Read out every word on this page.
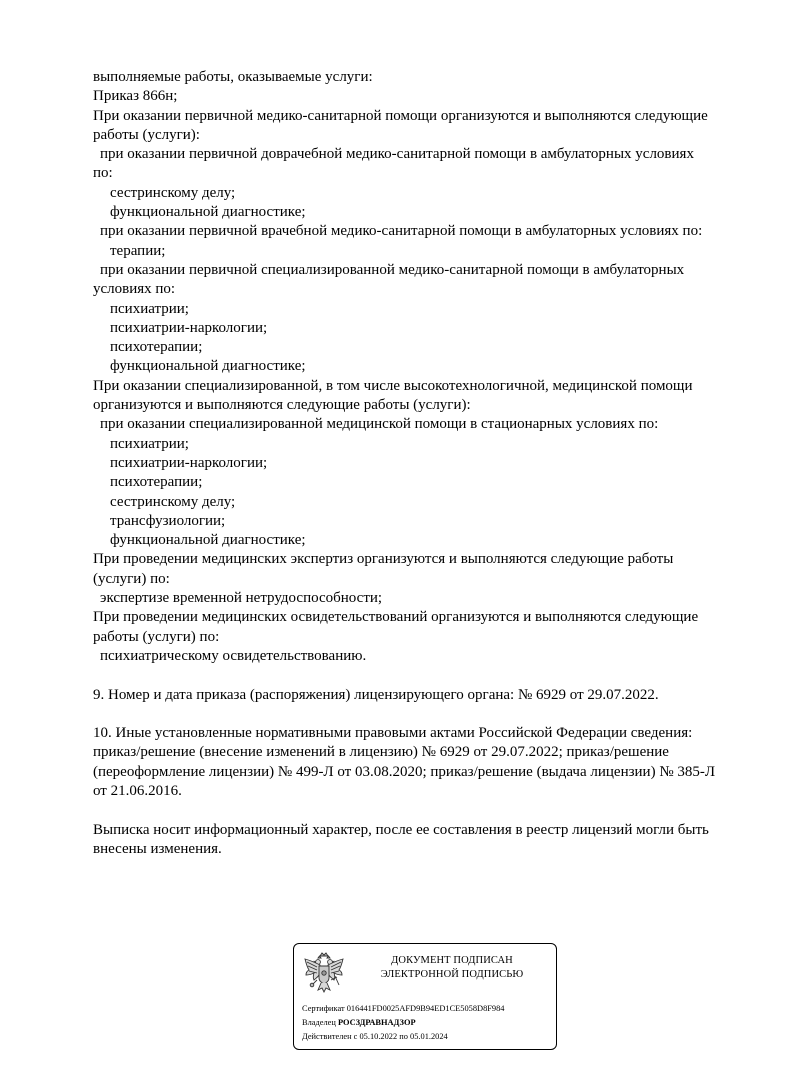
выполняемые работы, оказываемые услуги:
Приказ 866н;
При оказании первичной медико-санитарной помощи организуются и выполняются следующие
работы (услуги):
при оказании первичной доврачебной медико-санитарной помощи в амбулаторных условиях
по:
сестринскому делу;
функциональной диагностике;
при оказании первичной врачебной медико-санитарной помощи в амбулаторных условиях по:
терапии;
при оказании первичной специализированной медико-санитарной помощи в амбулаторных
условиях по:
психиатрии;
психиатрии-наркологии;
психотерапии;
функциональной диагностике;
При оказании специализированной, в том числе высокотехнологичной, медицинской помощи
организуются и выполняются следующие работы (услуги):
при оказании специализированной медицинской помощи в стационарных условиях по:
психиатрии;
психиатрии-наркологии;
психотерапии;
сестринскому делу;
трансфузиологии;
функциональной диагностике;
При проведении медицинских экспертиз организуются и выполняются следующие работы
(услуги) по:
экспертизе временной нетрудоспособности;
При проведении медицинских освидетельствований организуются и выполняются следующие
работы (услуги) по:
психиатрическому освидетельствованию.
9. Номер и дата приказа (распоряжения) лицензирующего органа: № 6929 от 29.07.2022.
10. Иные установленные нормативными правовыми актами Российской Федерации сведения:
приказ/решение (внесение изменений в лицензию) № 6929 от 29.07.2022; приказ/решение
(переоформление лицензии) № 499-Л от 03.08.2020; приказ/решение (выдача лицензии) № 385-Л
от 21.06.2016.
Выписка носит информационный характер, после ее составления в реестр лицензий могли быть
внесены изменения.
ДОКУМЕНТ ПОДПИСАН
ЭЛЕКТРОННОЙ ПОДПИСЬЮ
Сертификат 016441FD0025AFD9B94ED1CE5058D8F984
Владелец РОСЗДРАВНАДЗОР
Действителен с 05.10.2022 по 05.01.2024
